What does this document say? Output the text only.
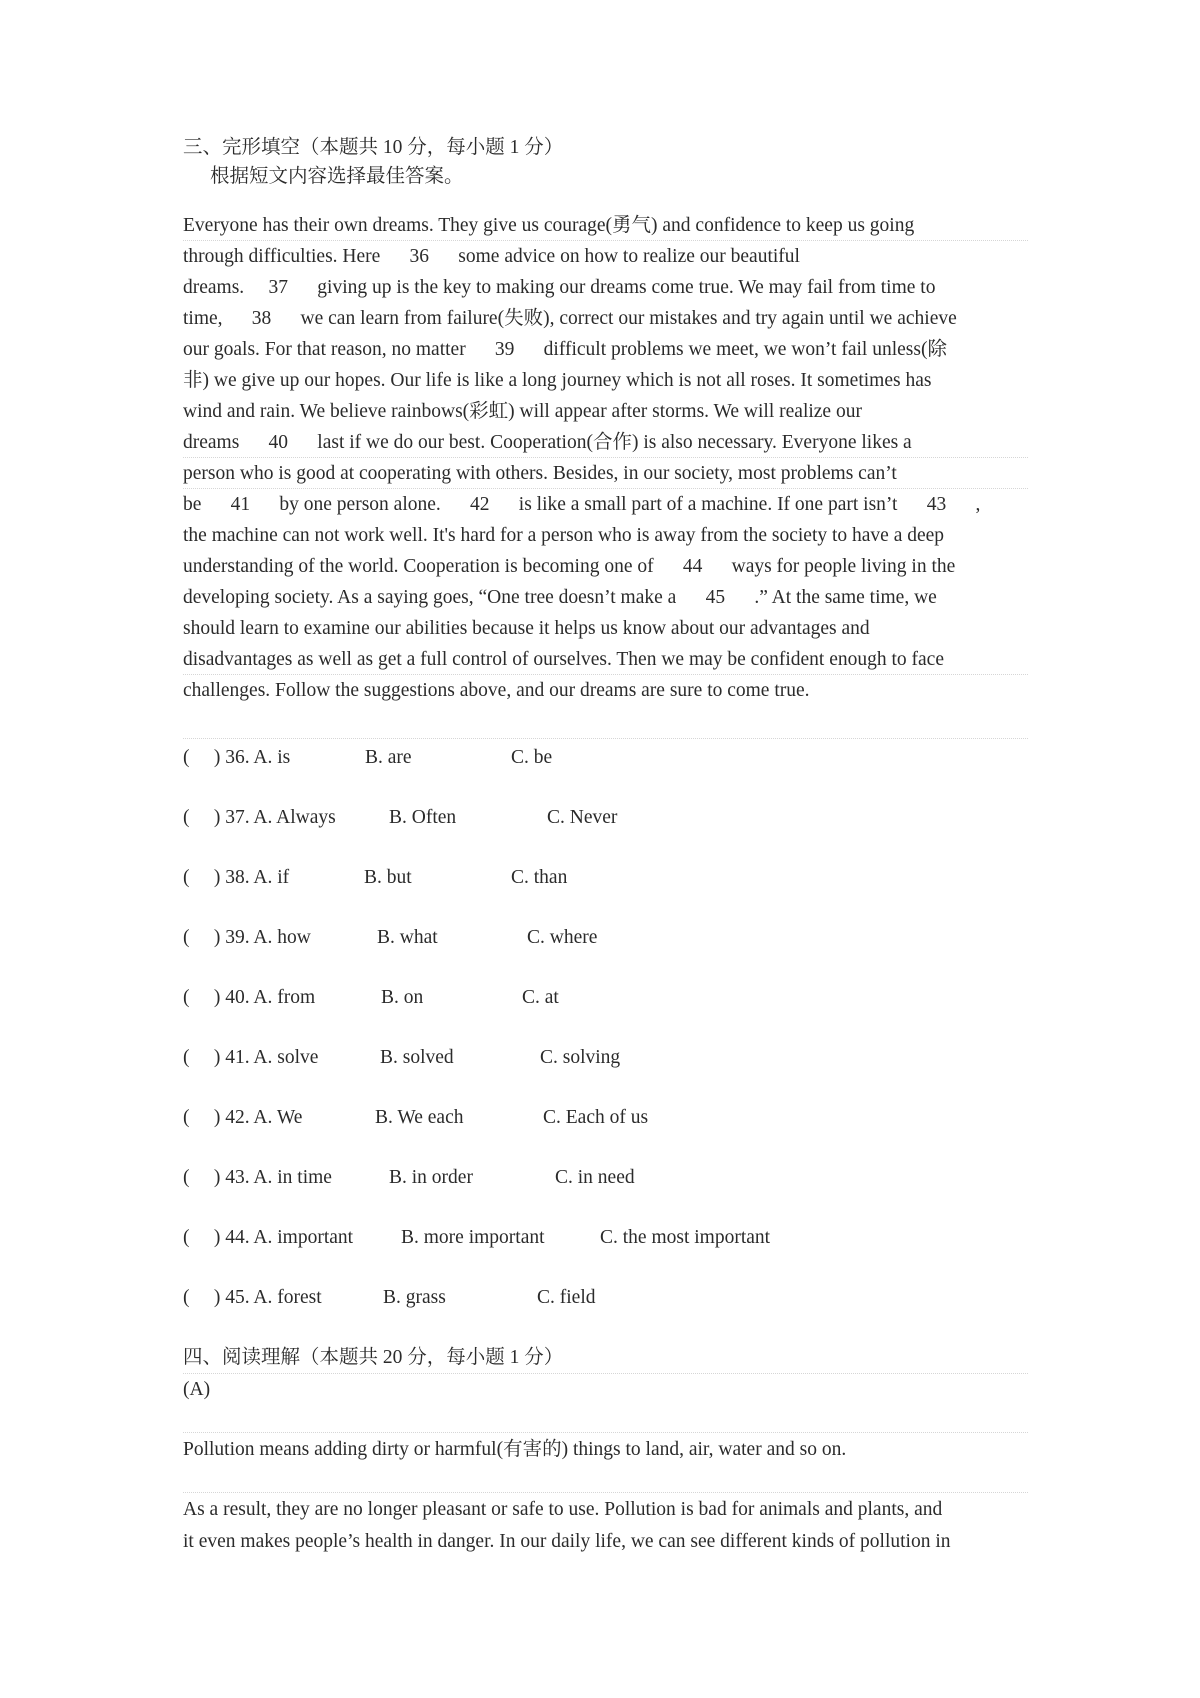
三、完形填空（本题共 10 分，每小题 1 分）
根据短文内容选择最佳答案。
Everyone has their own dreams. They give us courage(勇气) and confidence to keep us going
through difficulties. Here      36      some advice on how to realize our beautiful
dreams.     37      giving up is the key to making our dreams come true. We may fail from time to
time,      38      we can learn from failure(失败), correct our mistakes and try again until we achieve
our goals. For that reason, no matter      39      difficult problems we meet, we won’t fail unless(除
非) we give up our hopes. Our life is like a long journey which is not all roses. It sometimes has
wind and rain. We believe rainbows(彩虹) will appear after storms. We will realize our
dreams      40      last if we do our best. Cooperation(合作) is also necessary. Everyone likes a
person who is good at cooperating with others. Besides, in our society, most problems can’t
be      41      by one person alone.      42      is like a small part of a machine. If one part isn’t      43      ,
the machine can not work well. It's hard for a person who is away from the society to have a deep
understanding of the world. Cooperation is becoming one of      44      ways for people living in the
developing society. As a saying goes, “One tree doesn’t make a      45      .” At the same time, we
should learn to examine our abilities because it helps us know about our advantages and
disadvantages as well as get a full control of ourselves. Then we may be confident enough to face
challenges. Follow the suggestions above, and our dreams are sure to come true.
(     ) 36. A. is	B. are	C. be
(     ) 37. A. Always	B. Often	C. Never
(     ) 38. A. if	B. but	C. than
(     ) 39. A. how	B. what	C. where
(     ) 40. A. from	B. on	C. at
(     ) 41. A. solve	B. solved	C. solving
(     ) 42. A. We	B. We each	C. Each of us
(     ) 43. A. in time	B. in order	C. in need
(     ) 44. A. important B. more important	C. the most important
(     ) 45. A. forest	B. grass	C. field
四、阅读理解（本题共 20 分，每小题 1 分）
(A)
Pollution means adding dirty or harmful(有害的) things to land, air, water and so on.
As a result, they are no longer pleasant or safe to use. Pollution is bad for animals and plants, and
it even makes people’s health in danger. In our daily life, we can see different kinds of pollution in
